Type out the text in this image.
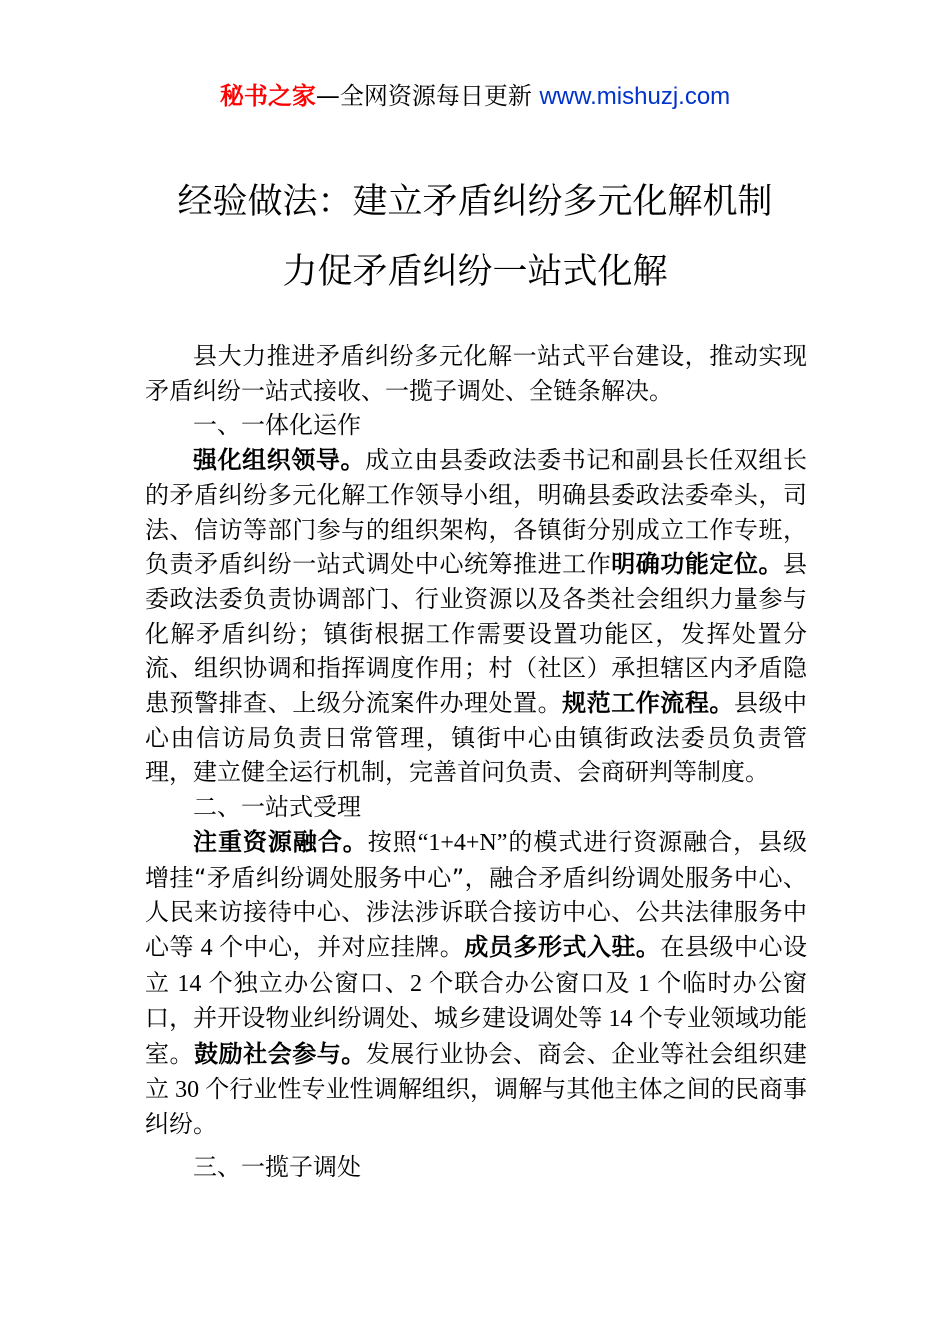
秘书之家—全网资源每日更新 www.mishuzj.com
经验做法：建立矛盾纠纷多元化解机制
力促矛盾纠纷一站式化解

县大力推进矛盾纠纷多元化解一站式平台建设，推动实现矛盾纠纷一站式接收、一揽子调处、全链条解决。

一、一体化运作

强化组织领导。成立由县委政法委书记和副县长任双组长的矛盾纠纷多元化解工作领导小组，明确县委政法委牵头，司法、信访等部门参与的组织架构，各镇街分别成立工作专班，负责矛盾纠纷一站式调处中心统筹推进工作明确功能定位。县委政法委负责协调部门、行业资源以及各类社会组织力量参与化解矛盾纠纷；镇街根据工作需要设置功能区，发挥处置分流、组织协调和指挥调度作用；村（社区）承担辖区内矛盾隐患预警排查、上级分流案件办理处置。规范工作流程。县级中心由信访局负责日常管理，镇街中心由镇街政法委员负责管理，建立健全运行机制，完善首问负责、会商研判等制度。

二、一站式受理

注重资源融合。按照“1+4+N”的模式进行资源融合，县级增挂“矛盾纠纷调处服务中心”，融合矛盾纠纷调处服务中心、人民来访接待中心、涉法涉诉联合接访中心、公共法律服务中心等 4 个中心，并对应挂牌。成员多形式入驻。在县级中心设立 14 个独立办公窗口、2 个联合办公窗口及 1 个临时办公窗口，并开设物业纠纷调处、城乡建设调处等 14 个专业领域功能室。鼓励社会参与。发展行业协会、商会、企业等社会组织建立 30 个行业性专业性调解组织，调解与其他主体之间的民商事纠纷。

三、一揽子调处
